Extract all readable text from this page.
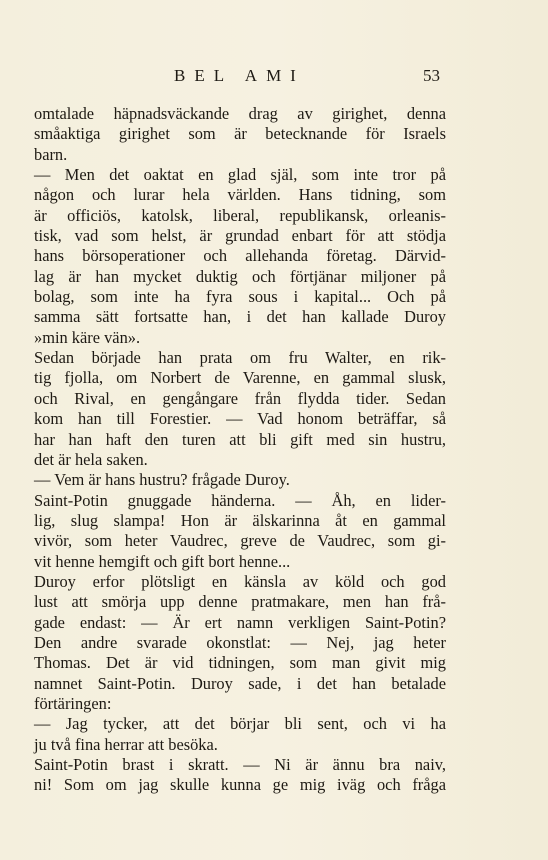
BEL AMI	53
omtalade häpnadsväckande drag av girighet, denna
småaktiga girighet som är betecknande för Israels
barn.
— Men det oaktat en glad själ, som inte tror på
någon och lurar hela världen. Hans tidning, som
är officiös, katolsk, liberal, republikansk, orleanis-
tisk, vad som helst, är grundad enbart för att stödja
hans börsoperationer och allehanda företag. Därvid-
lag är han mycket duktig och förtjänar miljoner på
bolag, som inte ha fyra sous i kapital... Och på
samma sätt fortsatte han, i det han kallade Duroy
»min käre vän».
Sedan började han prata om fru Walter, en rik-
tig fjolla, om Norbert de Varenne, en gammal slusk,
och Rival, en gengångare från flydda tider. Sedan
kom han till Forestier. — Vad honom beträffar, så
har han haft den turen att bli gift med sin hustru,
det är hela saken.
— Vem är hans hustru? frågade Duroy.
Saint-Potin gnuggade händerna. — Åh, en lider-
lig, slug slampa! Hon är älskarinna åt en gammal
vivör, som heter Vaudrec, greve de Vaudrec, som gi-
vit henne hemgift och gift bort henne...
Duroy erfor plötsligt en känsla av köld och god
lust att smörja upp denne pratmakare, men han frå-
gade endast: — Är ert namn verkligen Saint-Potin?
Den andre svarade okonstlat: — Nej, jag heter
Thomas. Det är vid tidningen, som man givit mig
namnet Saint-Potin. Duroy sade, i det han betalade
förtäringen:
— Jag tycker, att det börjar bli sent, och vi ha
ju två fina herrar att besöka.
Saint-Potin brast i skratt. — Ni är ännu bra naiv,
ni! Som om jag skulle kunna ge mig iväg och fråga
